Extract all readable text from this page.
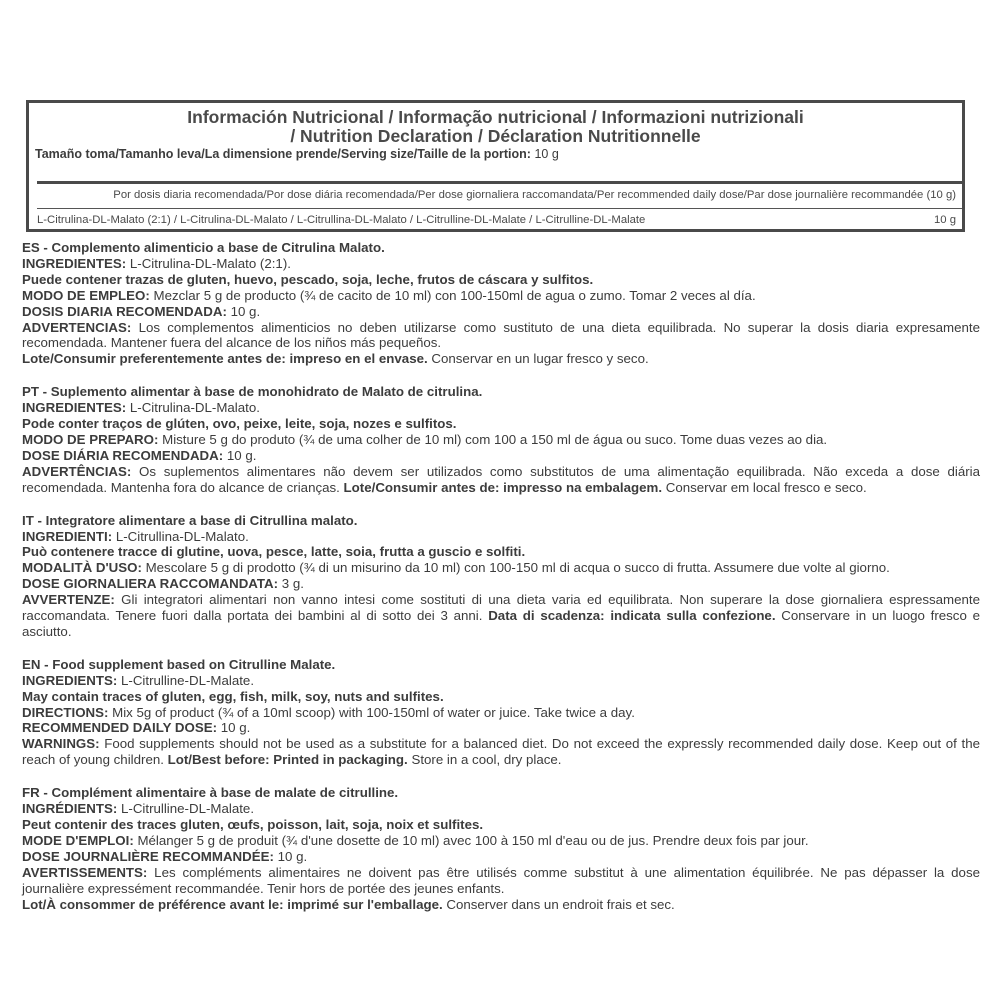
Información Nutricional / Informação nutricional / Informazioni nutrizionali
/ Nutrition Declaration / Déclaration Nutritionnelle
Tamaño toma/Tamanho leva/La dimensione prende/Serving size/Taille de la portion: 10 g
Por dosis diaria recomendada/Por dose diária recomendada/Per dose giornaliera raccomandata/Per recommended daily dose/Par dose journalière recommandée (10 g)
L-Citrulina-DL-Malato (2:1) / L-Citrulina-DL-Malato / L-Citrullina-DL-Malato / L-Citrulline-DL-Malate / L-Citrulline-DL-Malate	10 g

ES - Complemento alimenticio a base de Citrulina Malato.

INGREDIENTES: L-Citrulina-DL-Malato (2:1).

Puede contener trazas de gluten, huevo, pescado, soja, leche, frutos de cáscara y sulfitos.

MODO DE EMPLEO: Mezclar 5 g de producto (¾ de cacito de 10 ml) con 100-150ml de agua o zumo. Tomar 2 veces al día.

DOSIS DIARIA RECOMENDADA: 10 g.

ADVERTENCIAS: Los complementos alimenticios no deben utilizarse como sustituto de una dieta equilibrada. No superar la dosis diaria expresamente recomendada. Mantener fuera del alcance de los niños más pequeños.

Lote/Consumir preferentemente antes de: impreso en el envase. Conservar en un lugar fresco y seco.

PT - Suplemento alimentar à base de monohidrato de Malato de citrulina.

INGREDIENTES: L-Citrulina-DL-Malato.

Pode conter traços de glúten, ovo, peixe, leite, soja, nozes e sulfitos.

MODO DE PREPARO: Misture 5 g do produto (¾ de uma colher de 10 ml) com 100 a 150 ml de água ou suco. Tome duas vezes ao dia.

DOSE DIÁRIA RECOMENDADA: 10 g.

ADVERTÊNCIAS: Os suplementos alimentares não devem ser utilizados como substitutos de uma alimentação equilibrada. Não exceda a dose diária recomendada. Mantenha fora do alcance de crianças. Lote/Consumir antes de: impresso na embalagem. Conservar em local fresco e seco.

IT - Integratore alimentare a base di Citrullina malato.

INGREDIENTI: L-Citrullina-DL-Malato.

Può contenere tracce di glutine, uova, pesce, latte, soia, frutta a guscio e solfiti.

MODALITÀ D'USO: Mescolare 5 g di prodotto (¾ di un misurino da 10 ml) con 100-150 ml di acqua o succo di frutta. Assumere due volte al giorno.

DOSE GIORNALIERA RACCOMANDATA: 3 g.

AVVERTENZE: Gli integratori alimentari non vanno intesi come sostituti di una dieta varia ed equilibrata. Non superare la dose giornaliera espressamente raccomandata. Tenere fuori dalla portata dei bambini al di sotto dei 3 anni. Data di scadenza: indicata sulla confezione. Conservare in un luogo fresco e asciutto.

EN - Food supplement based on Citrulline Malate.

INGREDIENTS: L-Citrulline-DL-Malate.

May contain traces of gluten, egg, fish, milk, soy, nuts and sulfites.

DIRECTIONS: Mix 5g of product (¾ of a 10ml scoop) with 100-150ml of water or juice. Take twice a day.

RECOMMENDED DAILY DOSE: 10 g.

WARNINGS: Food supplements should not be used as a substitute for a balanced diet. Do not exceed the expressly recommended daily dose. Keep out of the reach of young children. Lot/Best before: Printed in packaging. Store in a cool, dry place.

FR - Complément alimentaire à base de malate de citrulline.

INGRÉDIENTS: L-Citrulline-DL-Malate.

Peut contenir des traces gluten, œufs, poisson, lait, soja, noix et sulfites.

MODE D'EMPLOI: Mélanger 5 g de produit (¾ d'une dosette de 10 ml) avec 100 à 150 ml d'eau ou de jus. Prendre deux fois par jour.

DOSE JOURNALIÈRE RECOMMANDÉE: 10 g.

AVERTISSEMENTS: Les compléments alimentaires ne doivent pas être utilisés comme substitut à une alimentation équilibrée. Ne pas dépasser la dose journalière expressément recommandée. Tenir hors de portée des jeunes enfants.

Lot/À consommer de préférence avant le: imprimé sur l'emballage. Conserver dans un endroit frais et sec.
